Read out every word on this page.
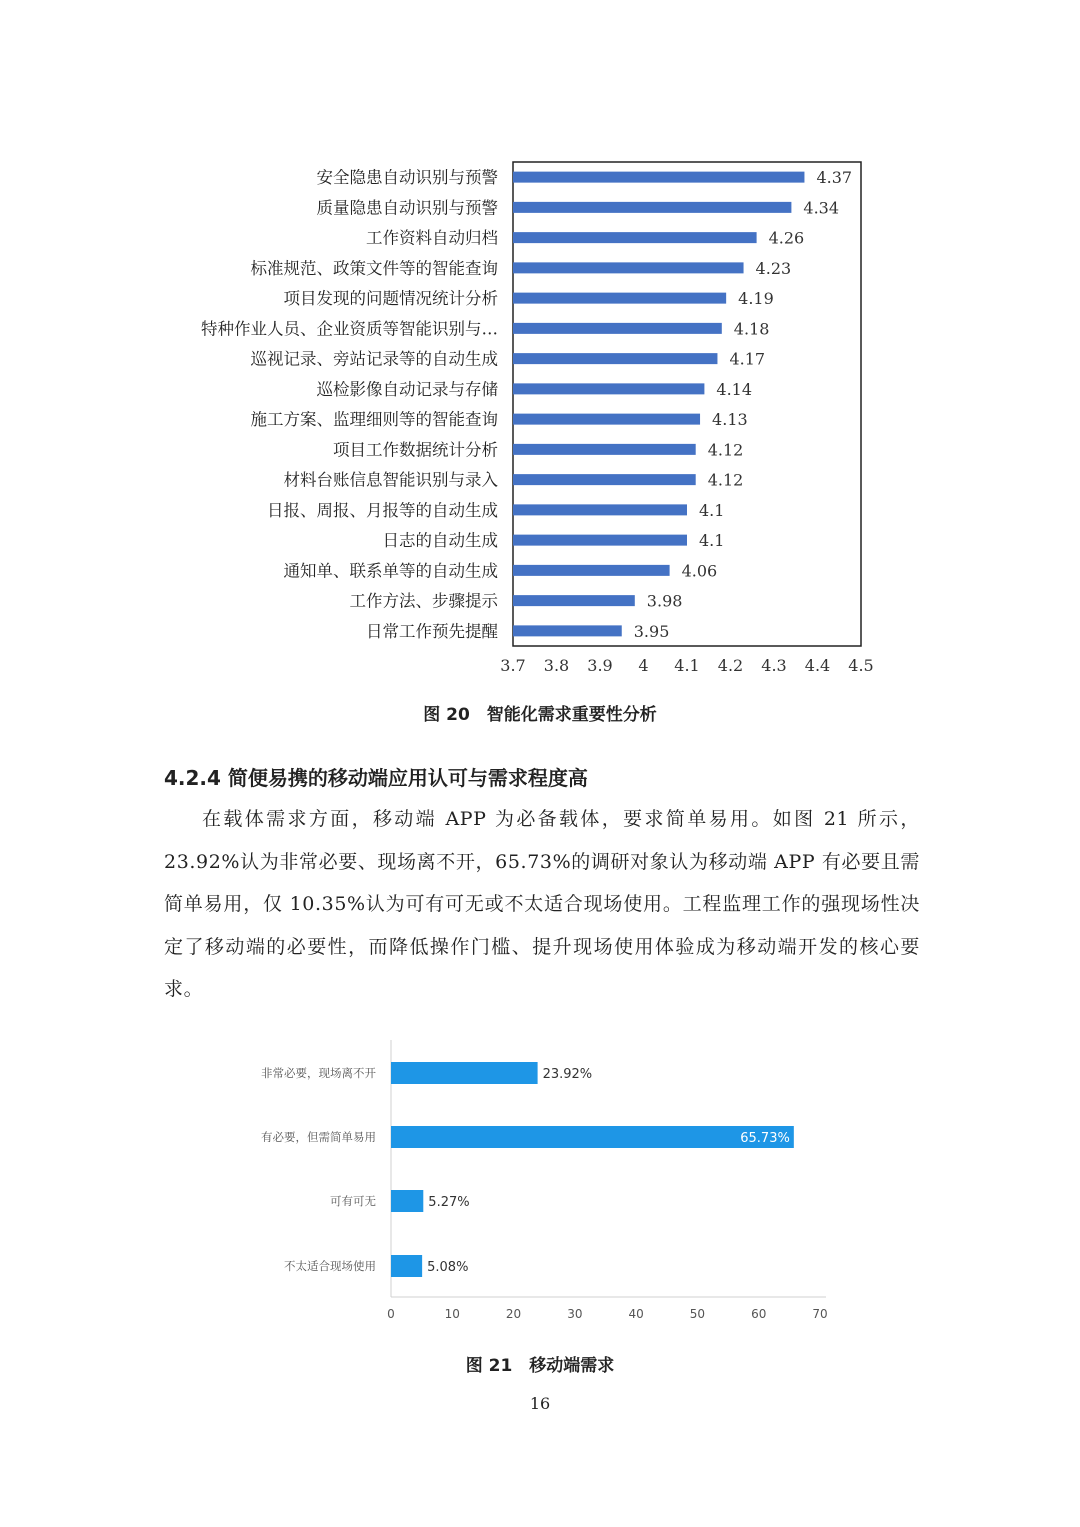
安全隐患自动识别与预警	4.37
质量隐患自动识别与预警	4.34
工作资料自动归档	4.26
标准规范、政策文件等的智能查询	4.23
项目发现的问题情况统计分析	4.19
特种作业人员、企业资质等智能识别与…	4.18
巡视记录、旁站记录等的自动生成	4.17
巡检影像自动记录与存储	4.14
施工方案、监理细则等的智能查询	4.13
项目工作数据统计分析	4.12
材料台账信息智能识别与录入	4.12
日报、周报、月报等的自动生成	4.1
日志的自动生成	4.1
通知单、联系单等的自动生成	4.06
工作方法、步骤提示	3.98
日常工作预先提醒	3.95
3.7 3.8 3.9 4 4.1 4.2 4.3 4.4 4.5
图 20　智能化需求重要性分析
4.2.4 简便易携的移动端应用认可与需求程度高

在载体需求方面，移动端 APP 为必备载体，要求简单易用。如图 21 所示，23.92%认为非常必要、现场离不开，65.73%的调研对象认为移动端 APP 有必要且需简单易用，仅 10.35%认为可有可无或不太适合现场使用。工程监理工作的强现场性决定了移动端的必要性，而降低操作门槛、提升现场使用体验成为移动端开发的核心要求。

非常必要，现场离不开	23.92%
有必要，但需简单易用	65.73%
可有可无	5.27%
不太适合现场使用	5.08%
0	10	20	30	40	50	60	70
图 21　移动端需求
16
